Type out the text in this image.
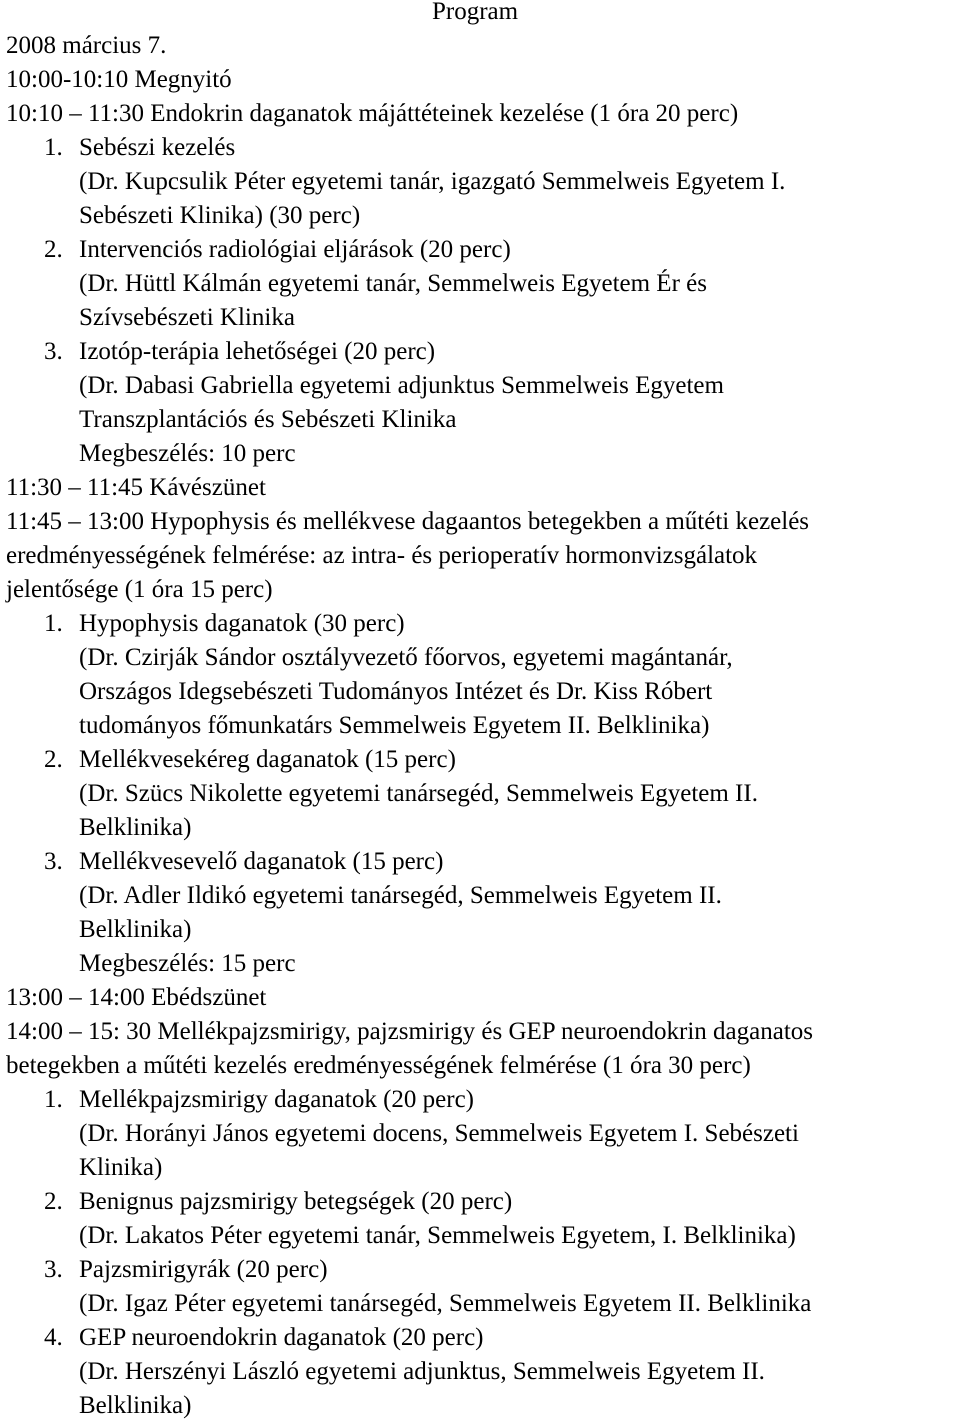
Program
2008 március 7.
10:00-10:10 Megnyitó
10:10 – 11:30 Endokrin daganatok májáttéteinek kezelése (1 óra 20 perc)
1. Sebészi kezelés
(Dr. Kupcsulik Péter egyetemi tanár, igazgató Semmelweis Egyetem I.
Sebészeti Klinika) (30 perc)
2. Intervenciós radiológiai eljárások (20 perc)
(Dr. Hüttl Kálmán egyetemi tanár, Semmelweis Egyetem Ér és
Szívsebészeti Klinika
3. Izotóp-terápia lehetőségei (20 perc)
(Dr. Dabasi Gabriella egyetemi adjunktus Semmelweis Egyetem
Transzplantációs és Sebészeti Klinika
Megbeszélés: 10 perc
11:30 – 11:45 Kávészünet
11:45 – 13:00 Hypophysis és mellékvese dagaantos betegekben a műtéti kezelés
eredményességének felmérése: az intra- és perioperatív hormonvizsgálatok
jelentősége (1 óra 15 perc)
1. Hypophysis daganatok (30 perc)
(Dr. Czirják Sándor osztályvezető főorvos, egyetemi magántanár,
Országos Idegsebészeti Tudományos Intézet és Dr. Kiss Róbert
tudományos főmunkatárs Semmelweis Egyetem II. Belklinika)
2. Mellékvesekéreg daganatok (15 perc)
(Dr. Szücs Nikolette egyetemi tanársegéd, Semmelweis Egyetem II.
Belklinika)
3. Mellékvesevelő daganatok (15 perc)
(Dr. Adler Ildikó egyetemi tanársegéd, Semmelweis Egyetem II.
Belklinika)
Megbeszélés: 15 perc
13:00 – 14:00 Ebédszünet
14:00 – 15: 30 Mellékpajzsmirigy, pajzsmirigy és GEP neuroendokrin daganatos
betegekben a műtéti kezelés eredményességének felmérése (1 óra 30 perc)
1. Mellékpajzsmirigy daganatok (20 perc)
(Dr. Horányi János egyetemi docens, Semmelweis Egyetem I. Sebészeti
Klinika)
2. Benignus pajzsmirigy betegségek (20 perc)
(Dr. Lakatos Péter egyetemi tanár, Semmelweis Egyetem, I. Belklinika)
3. Pajzsmirigyrák (20 perc)
(Dr. Igaz Péter egyetemi tanársegéd, Semmelweis Egyetem II. Belklinika
4. GEP neuroendokrin daganatok (20 perc)
(Dr. Herszényi László egyetemi adjunktus, Semmelweis Egyetem II.
Belklinika)
